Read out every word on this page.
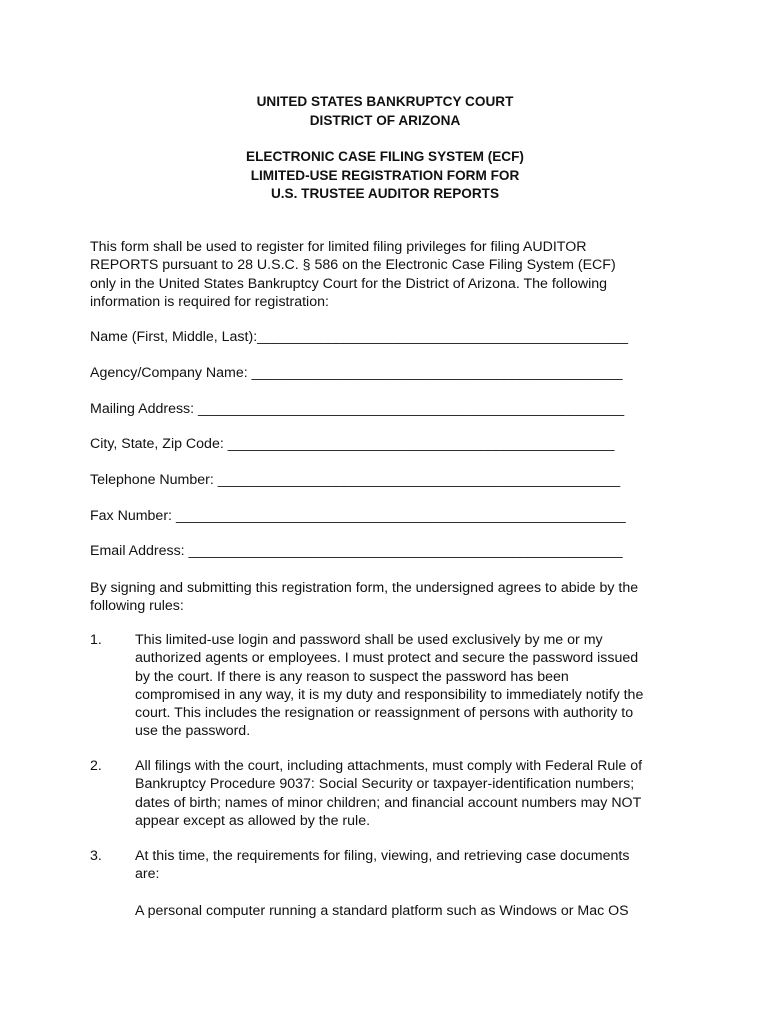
UNITED STATES BANKRUPTCY COURT
DISTRICT OF ARIZONA
ELECTRONIC CASE FILING SYSTEM (ECF)
LIMITED-USE REGISTRATION FORM FOR
U.S. TRUSTEE AUDITOR REPORTS
This form shall be used to register for limited filing privileges for filing AUDITOR
REPORTS pursuant to 28 U.S.C. § 586 on the Electronic Case Filing System (ECF)
only in the United States Bankruptcy Court for the District of Arizona. The following
information is required for registration:
Name (First, Middle, Last):_______________________________________________
Agency/Company Name: _______________________________________________
Mailing Address: ______________________________________________________
City, State, Zip Code: _________________________________________________
Telephone Number: ___________________________________________________
Fax Number: _________________________________________________________
Email Address: _______________________________________________________
By signing and submitting this registration form, the undersigned agrees to abide by the
following rules:
1. This limited-use login and password shall be used exclusively by me or my
authorized agents or employees. I must protect and secure the password issued
by the court. If there is any reason to suspect the password has been
compromised in any way, it is my duty and responsibility to immediately notify the
court. This includes the resignation or reassignment of persons with authority to
use the password.
2. All filings with the court, including attachments, must comply with Federal Rule of
Bankruptcy Procedure 9037: Social Security or taxpayer-identification numbers;
dates of birth; names of minor children; and financial account numbers may NOT
appear except as allowed by the rule.
3. At this time, the requirements for filing, viewing, and retrieving case documents
are:
A personal computer running a standard platform such as Windows or Mac OS
